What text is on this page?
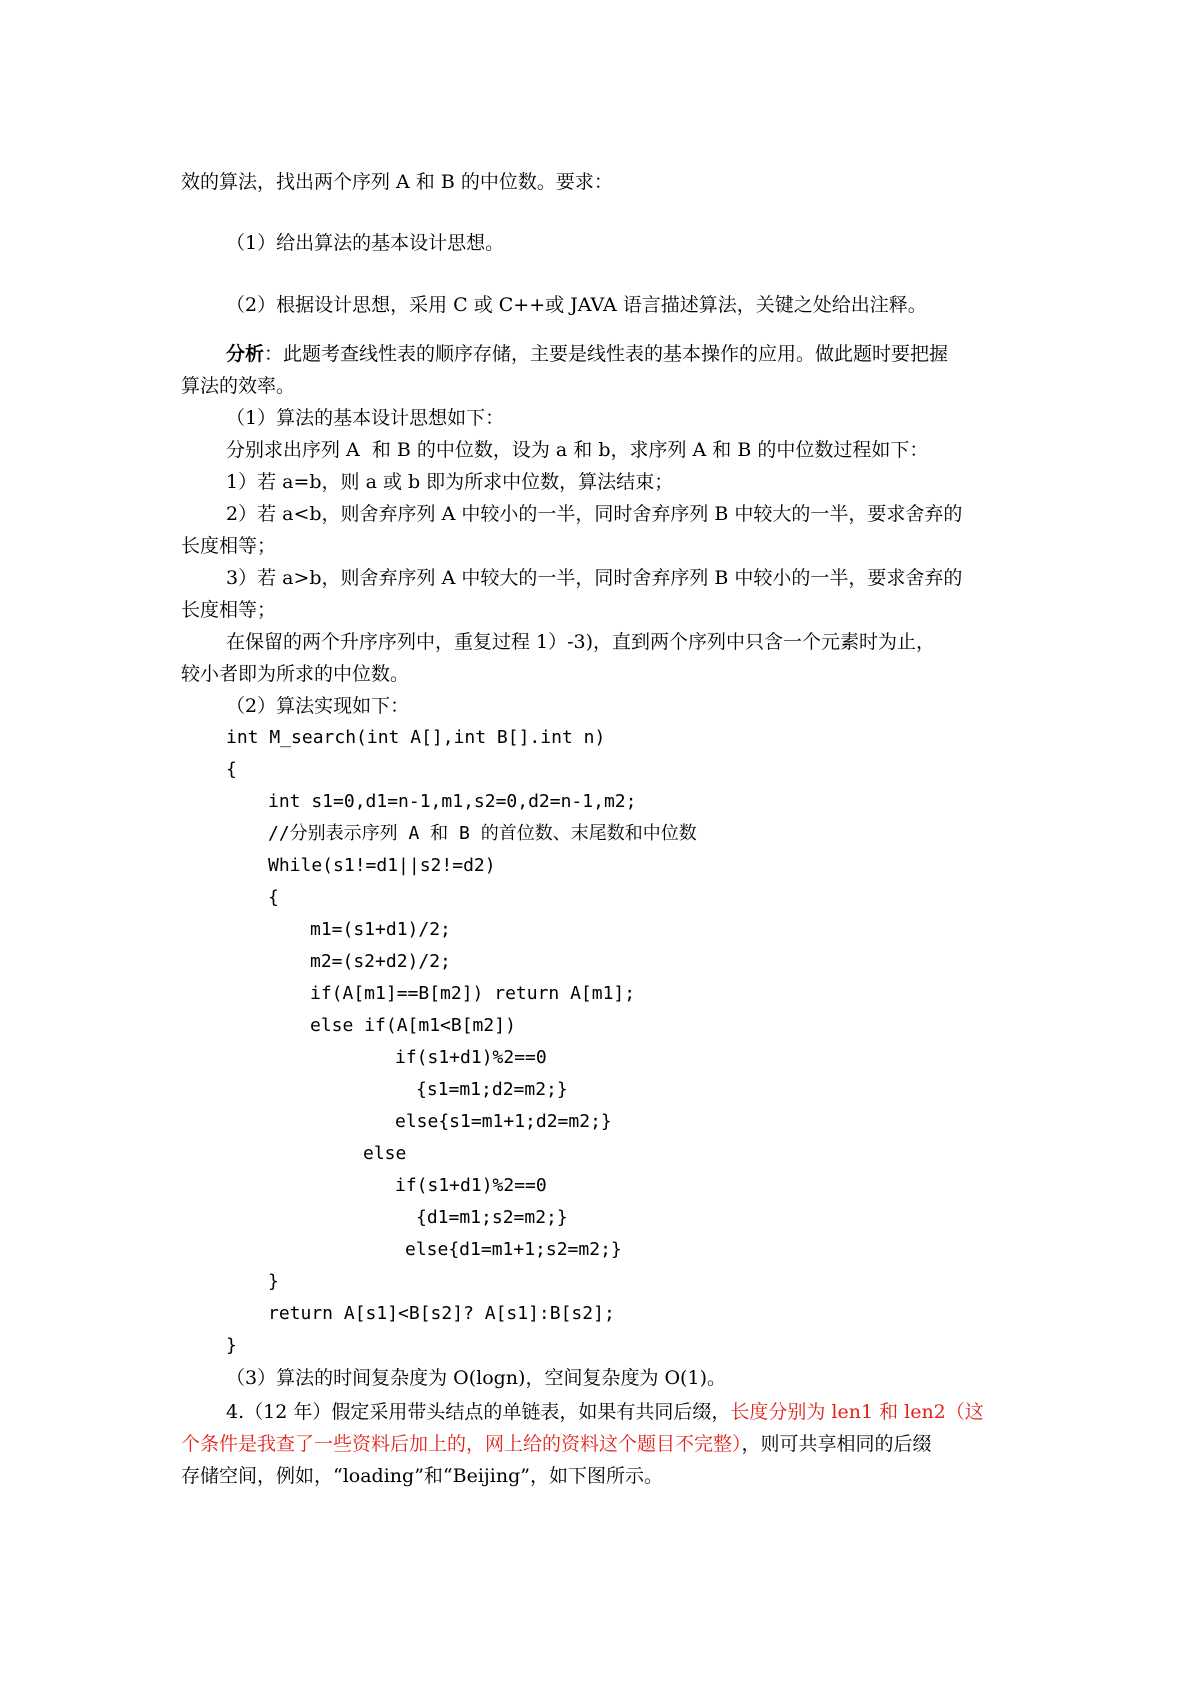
效的算法，找出两个序列 A 和 B 的中位数。要求：
（1）给出算法的基本设计思想。
（2）根据设计思想，采用 C 或 C++或 JAVA 语言描述算法，关键之处给出注释。
分析：此题考查线性表的顺序存储，主要是线性表的基本操作的应用。做此题时要把握
算法的效率。
（1）算法的基本设计思想如下：
分别求出序列 A  和 B 的中位数，设为 a 和 b，求序列 A 和 B 的中位数过程如下：
1）若 a=b，则 a 或 b 即为所求中位数，算法结束；
2）若 a<b，则舍弃序列 A 中较小的一半，同时舍弃序列 B 中较大的一半，要求舍弃的
长度相等；
3）若 a>b，则舍弃序列 A 中较大的一半，同时舍弃序列 B 中较小的一半，要求舍弃的
长度相等；
在保留的两个升序序列中，重复过程 1）-3)，直到两个序列中只含一个元素时为止，
较小者即为所求的中位数。
（2）算法实现如下：
int M_search(int A[],int B[].int n)
{
int s1=0,d1=n-1,m1,s2=0,d2=n-1,m2;
//分别表示序列 A 和 B 的首位数、末尾数和中位数
While(s1!=d1||s2!=d2)
{
m1=(s1+d1)/2;
m2=(s2+d2)/2;
if(A[m1]==B[m2]) return A[m1];
else if(A[m1<B[m2])
if(s1+d1)%2==0
{s1=m1;d2=m2;}
else{s1=m1+1;d2=m2;}
else
if(s1+d1)%2==0
{d1=m1;s2=m2;}
else{d1=m1+1;s2=m2;}
}
return A[s1]<B[s2]? A[s1]:B[s2];
}
（3）算法的时间复杂度为 O(logn)，空间复杂度为 O(1)。
4.（12 年）假定采用带头结点的单链表，如果有共同后缀，长度分别为 len1 和 len2（这
个条件是我查了一些资料后加上的，网上给的资料这个题目不完整），则可共享相同的后缀
存储空间，例如，“loading”和“Beijing”，如下图所示。
